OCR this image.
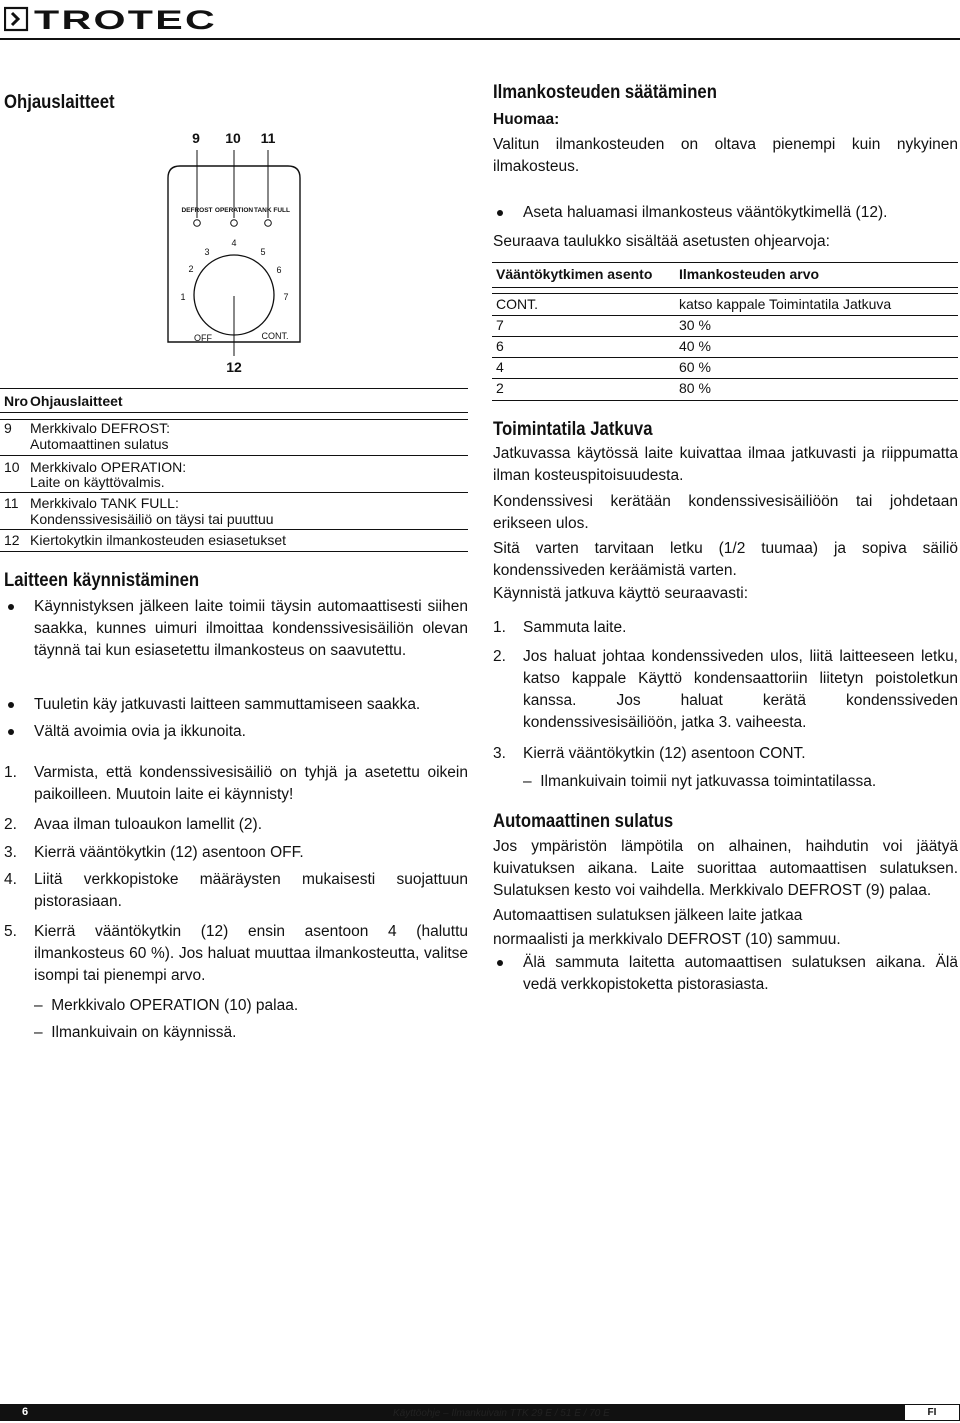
TROTEC
Ohjauslaitteet
9 10 11
DEFROST OPERATION TANK FULL
1
2
3
4
5
6
7
OFF	CONT.
12
Nro Ohjauslaitteet
9 Merkkivalo DEFROST:
Automaattinen sulatus
10 Merkkivalo OPERATION:
Laite on käyttövalmis.
11 Merkkivalo TANK FULL:
Kondenssivesisäiliö on täysi tai puuttuu
12 Kiertokytkin ilmankosteuden esiasetukset
Laitteen käynnistäminen
Käynnistyksen jälkeen laite toimii täysin automaattisesti siihen saakka, kunnes uimuri ilmoittaa kondenssivesisäiliön olevan täynnä tai kun esiasetettu ilmankosteus on saavutettu.
Tuuletin käy jatkuvasti laitteen sammuttamiseen saakka.
Vältä avoimia ovia ja ikkunoita.
1. Varmista, että kondenssivesisäiliö on tyhjä ja asetettu oikein paikoilleen. Muutoin laite ei käynnisty!
2. Avaa ilman tuloaukon lamellit (2).
3. Kierrä vääntökytkin (12) asentoon OFF.
4. Liitä verkkopistoke määräysten mukaisesti suojattuun pistorasiaan.
5. Kierrä vääntökytkin (12) ensin asentoon 4 (haluttu ilmankosteus 60 %). Jos haluat muuttaa ilmankosteutta, valitse isompi tai pienempi arvo.
–  Merkkivalo OPERATION (10) palaa.
–  Ilmankuivain on käynnissä.
Ilmankosteuden säätäminen
Huomaa:
Valitun ilmankosteuden on oltava pienempi kuin nykyinen ilmakosteus.
Aseta haluamasi ilmankosteus vääntökytkimellä (12).
Seuraava taulukko sisältää asetusten ohjearvoja:
Vääntökytkimen asento Ilmankosteuden arvo
CONT.	katso kappale Toimintatila Jatkuva
7	30 %
6	40 %
4	60 %
2	80 %
Toimintatila Jatkuva
Jatkuvassa käytössä laite kuivattaa ilmaa jatkuvasti ja riippumatta ilman kosteuspitoisuudesta.
Kondenssivesi kerätään kondenssivesisäiliöön tai johdetaan erikseen ulos.
Sitä varten tarvitaan letku (1/2 tuumaa) ja sopiva säiliö kondenssiveden keräämistä varten.
Käynnistä jatkuva käyttö seuraavasti:
1. Sammuta laite.
2. Jos haluat johtaa kondenssiveden ulos, liitä laitteeseen letku, katso kappale Käyttö kondensaattoriin liitetyn poistoletkun kanssa. Jos haluat kerätä kondenssiveden kondenssivesisäiliöön, jatka 3. vaiheesta.
3. Kierrä vääntökytkin (12) asentoon CONT.
–  Ilmankuivain toimii nyt jatkuvassa toimintatilassa.
Automaattinen sulatus
Jos ympäristön lämpötila on alhainen, haihdutin voi jäätyä kuivatuksen aikana. Laite suorittaa automaattisen sulatuksen. Sulatuksen kesto voi vaihdella. Merkkivalo DEFROST (9) palaa.
Automaattisen sulatuksen jälkeen laite jatkaa
normaalisti ja merkkivalo DEFROST (10) sammuu.
Älä sammuta laitetta automaattisen sulatuksen aikana. Älä vedä verkkopistoketta pistorasiasta.
6	Käyttöohje – Ilmankuivain TTK 29 E / 51 E / 70 E	FI
